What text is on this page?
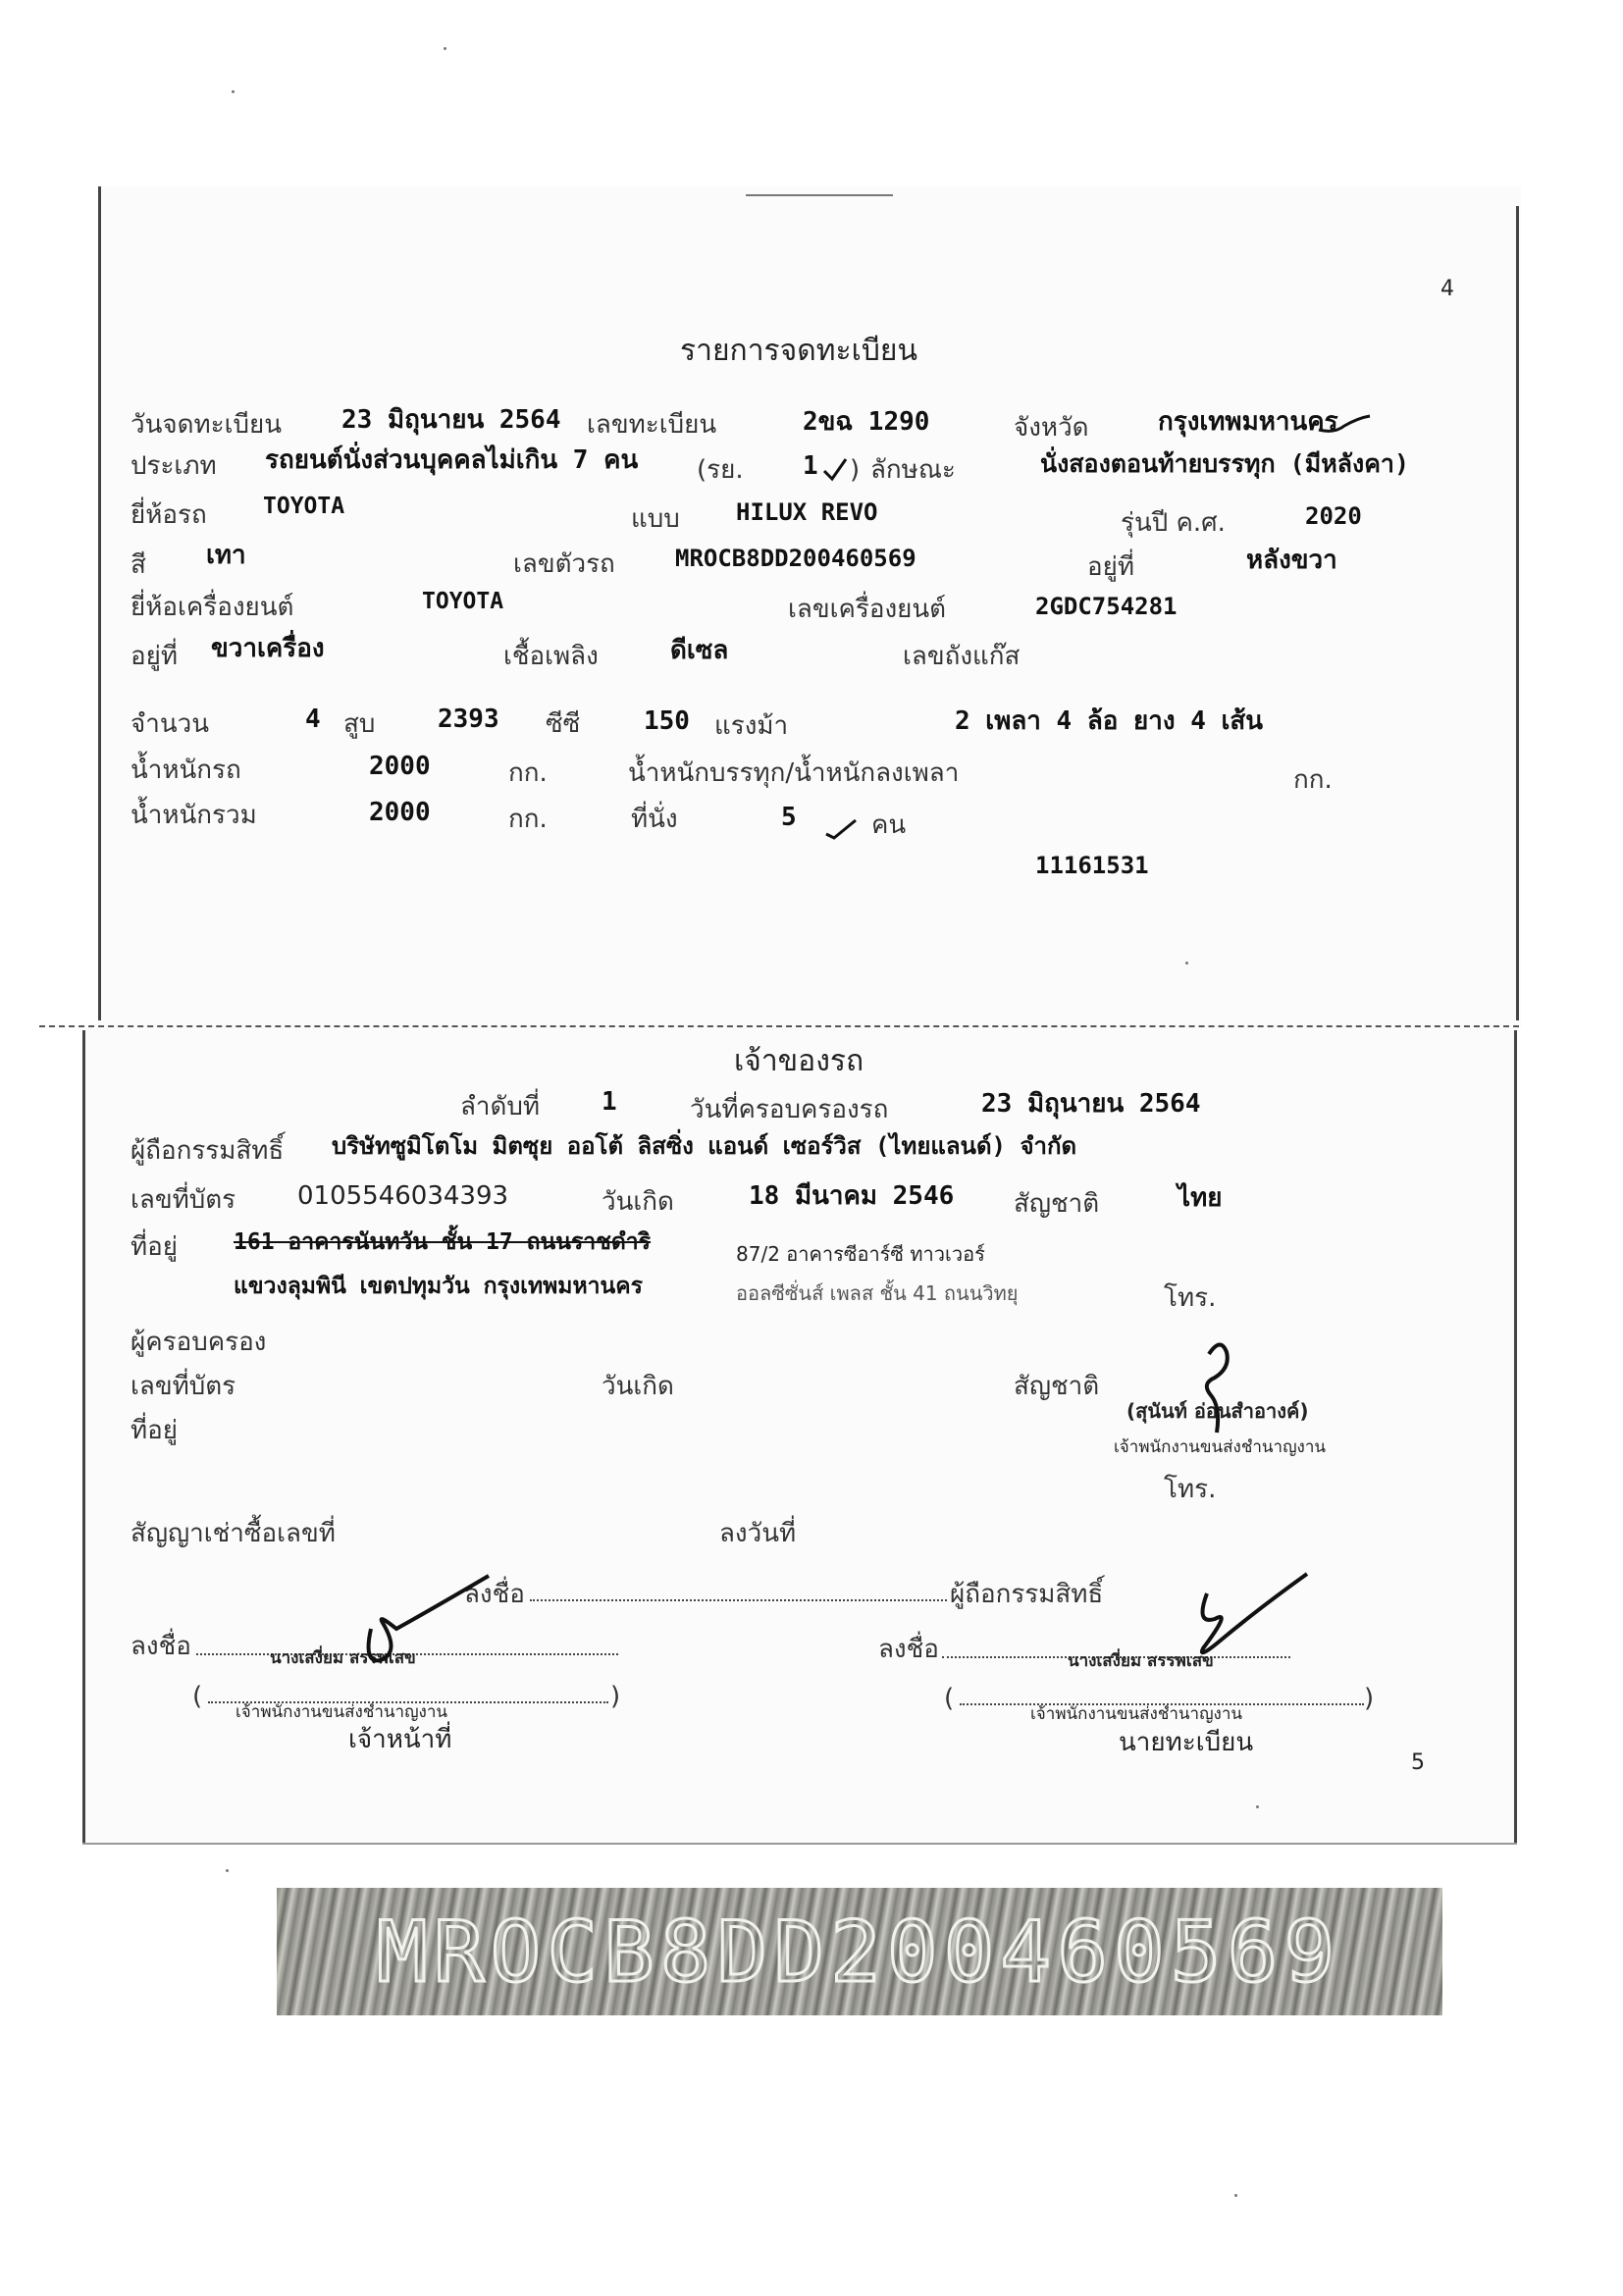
4
5
รายการจดทะเบียน
วันจดทะเบียน 23 มิถุนายน 2564 เลขทะเบียน	2ขฉ 1290	จังหวัด	กรุงเทพมหานคร
ประเภท รถยนต์นั่งส่วนบุคคลไม่เกิน 7 คน (รย. 1 ) ลักษณะ	นั่งสองตอนท้ายบรรทุก (มีหลังคา)
ยี่ห้อรถ TOYOTA	แบบ HILUX REVO	รุ่นปี ค.ศ.	2020
สี เทา	เลขตัวรถ	MROCB8DD200460569	อยู่ที่	หลังขวา
ยี่ห้อเครื่องยนต์	TOYOTA	เลขเครื่องยนต์	2GDC754281
อยู่ที่ ขวาเครื่อง	เชื้อเพลิง	ดีเซล	เลขถังแก๊ส
จำนวน	4 สูบ 2393 ซีซี 150 แรงม้า	2 เพลา 4 ล้อ ยาง 4 เส้น
น้ำหนักรถ	2000	กก.	น้ำหนักบรรทุก/น้ำหนักลงเพลา	กก.
น้ำหนักรวม	2000	กก.	ที่นั่ง	5	คน
11161531
เจ้าของรถ
ลำดับที่ 1	วันที่ครอบครองรถ	23 มิถุนายน 2564
ผู้ถือกรรมสิทธิ์ บริษัทซูมิโตโม มิตซุย ออโต้ ลิสซิ่ง แอนด์ เซอร์วิส (ไทยแลนด์) จำกัด
เลขที่บัตร 0105546034393	วันเกิด	18 มีนาคม 2546 สัญชาติ	ไทย
ที่อยู่ 161 อาคารนันทวัน ชั้น 17 ถนนราชดำริ	87/2 อาคารซีอาร์ซี ทาวเวอร์
แขวงลุมพินี เขตปทุมวัน กรุงเทพมหานคร	ออลซีซั่นส์ เพลส ชั้น 41 ถนนวิทยุ	โทร.
ผู้ครอบครอง
เลขที่บัตร	วันเกิด	สัญชาติ
ที่อยู่
(สุนันท์ อ่อนสำอางค์)
เจ้าพนักงานขนส่งชำนาญงาน
โทร.
สัญญาเช่าซื้อเลขที่	ลงวันที่
ลงชื่อ	ผู้ถือกรรมสิทธิ์
ลงชื่อ	นางเสงี่ยม สรรพเสข
(	)
เจ้าพนักงานขนส่งชำนาญงาน
เจ้าหน้าที่
ลงชื่อ	นางเสงี่ยม สรรพเสข
(	)
เจ้าพนักงานขนส่งชำนาญงาน
นายทะเบียน
MROCB8DD200460569
